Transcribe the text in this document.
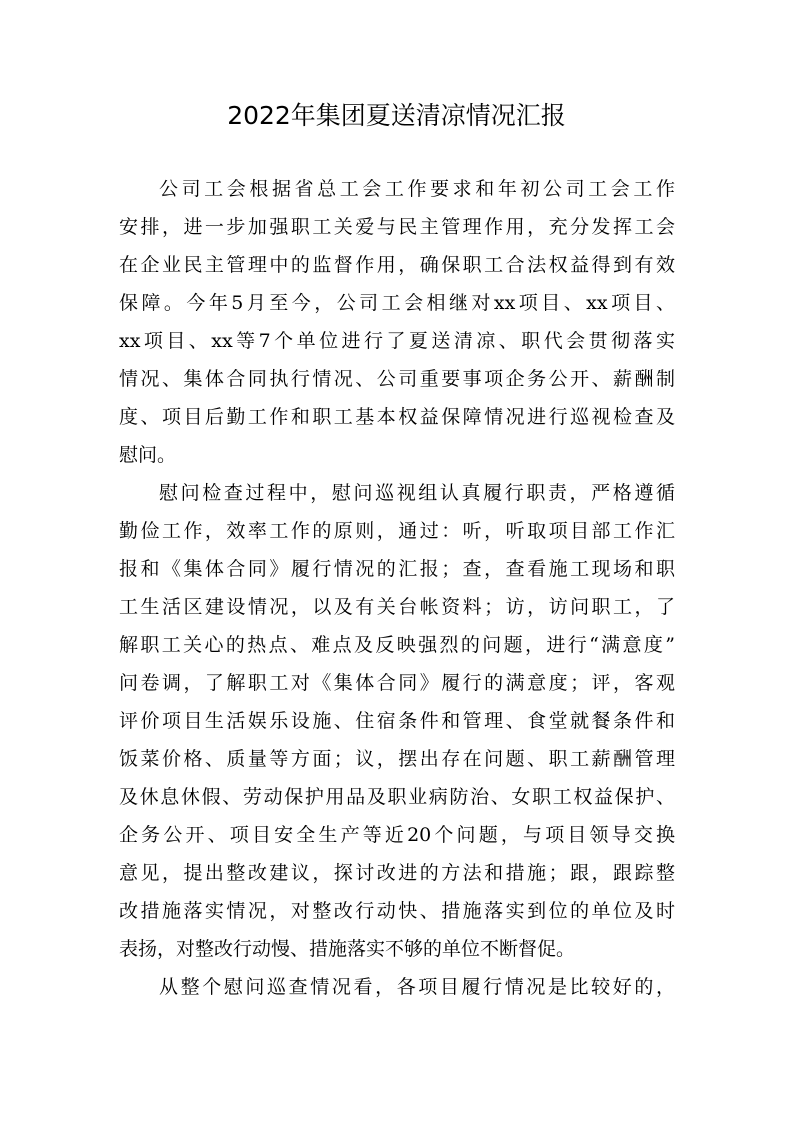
2022年集团夏送清凉情况汇报
公司工会根据省总工会工作要求和年初公司工会工作
安排，进一步加强职工关爱与民主管理作用，充分发挥工会
在企业民主管理中的监督作用，确保职工合法权益得到有效
保障。今年5月至今，公司工会相继对xx项目、xx项目、
xx项目、xx等7个单位进行了夏送清凉、职代会贯彻落实
情况、集体合同执行情况、公司重要事项企务公开、薪酬制
度、项目后勤工作和职工基本权益保障情况进行巡视检查及
慰问。
慰问检查过程中，慰问巡视组认真履行职责，严格遵循
勤俭工作，效率工作的原则，通过：听，听取项目部工作汇
报和《集体合同》履行情况的汇报；查，查看施工现场和职
工生活区建设情况，以及有关台帐资料；访，访问职工，了
解职工关心的热点、难点及反映强烈的问题，进行“满意度”
问卷调，了解职工对《集体合同》履行的满意度；评，客观
评价项目生活娱乐设施、住宿条件和管理、食堂就餐条件和
饭菜价格、质量等方面；议，摆出存在问题、职工薪酬管理
及休息休假、劳动保护用品及职业病防治、女职工权益保护、
企务公开、项目安全生产等近20个问题，与项目领导交换
意见，提出整改建议，探讨改进的方法和措施；跟，跟踪整
改措施落实情况，对整改行动快、措施落实到位的单位及时
表扬，对整改行动慢、措施落实不够的单位不断督促。
从整个慰问巡查情况看，各项目履行情况是比较好的，
